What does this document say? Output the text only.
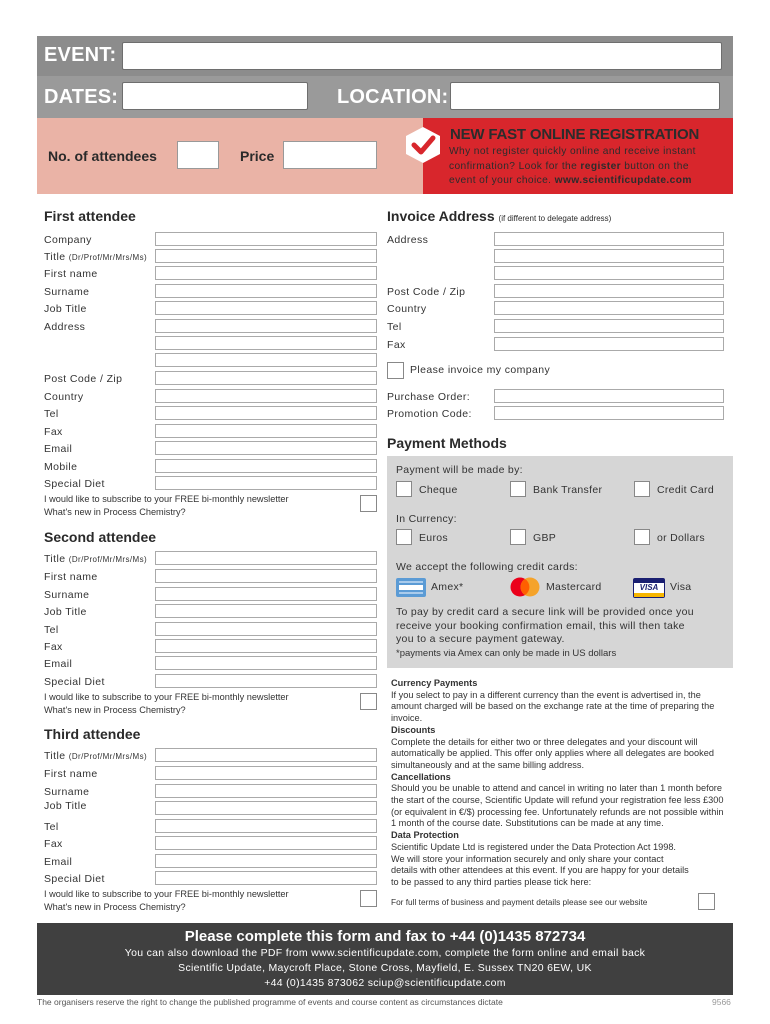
EVENT:
DATES:	LOCATION:
No. of attendees	Price
NEW FAST ONLINE REGISTRATION
Why not register quickly online and receive instant
confirmation? Look for the register button on the
event of your choice. www.scientificupdate.com
First attendee
Company
Title (Dr/Prof/Mr/Mrs/Ms)
First name
Surname
Job Title
Address
Post Code / Zip
Country
Tel
Fax
Email
Mobile
Special Diet
I would like to subscribe to your FREE bi-monthly newsletter
What's new in Process Chemistry?
Second attendee
Title (Dr/Prof/Mr/Mrs/Ms)
First name
Surname
Job Title
Tel
Fax
Email
Special Diet
I would like to subscribe to your FREE bi-monthly newsletter
What's new in Process Chemistry?
Third attendee
Title (Dr/Prof/Mr/Mrs/Ms)
First name
Surname
Job Title
Tel
Fax
Email
Special Diet
I would like to subscribe to your FREE bi-monthly newsletter
What's new in Process Chemistry?
Invoice Address (if different to delegate address)
Address
Post Code / Zip
Country
Tel
Fax
Please invoice my company
Purchase Order:
Promotion Code:
Payment Methods
Payment will be made by:
Cheque	Bank Transfer	Credit Card
In Currency:
Euros	GBP	or Dollars
We accept the following credit cards:
Amex*	Mastercard	VISA	Visa
To pay by credit card a secure link will be provided once you
receive your booking confirmation email, this will then take
you to a secure payment gateway.
*payments via Amex can only be made in US dollars

Currency Payments

If you select to pay in a different currency than the event is advertised in, the amount charged will be based on the exchange rate at the time of preparing the invoice.

Discounts

Complete the details for either two or three delegates and your discount will automatically be applied. This offer only applies where all delegates are booked simultaneously and at the same billing address.

Cancellations

Should you be unable to attend and cancel in writing no later than 1 month before the start of the course, Scientific Update will refund your registration fee less £300 (or equivalent in €/$) processing fee. Unfortunately refunds are not possible within 1 month of the course date. Substitutions can be made at any time.

Data Protection

Scientific Update Ltd is registered under the Data Protection Act 1998. We will store your information securely and only share your contact details with other attendees at this event. If you are happy for your details to be passed to any third parties please tick here:

For full terms of business and payment details please see our website

Please complete this form and fax to +44 (0)1435 872734
You can also download the PDF from www.scientificupdate.com, complete the form online and email back
Scientific Update, Maycroft Place, Stone Cross, Mayfield, E. Sussex TN20 6EW, UK
+44 (0)1435 873062 sciup@scientificupdate.com
The organisers reserve the right to change the published programme of events and course content as circumstances dictate	9566
